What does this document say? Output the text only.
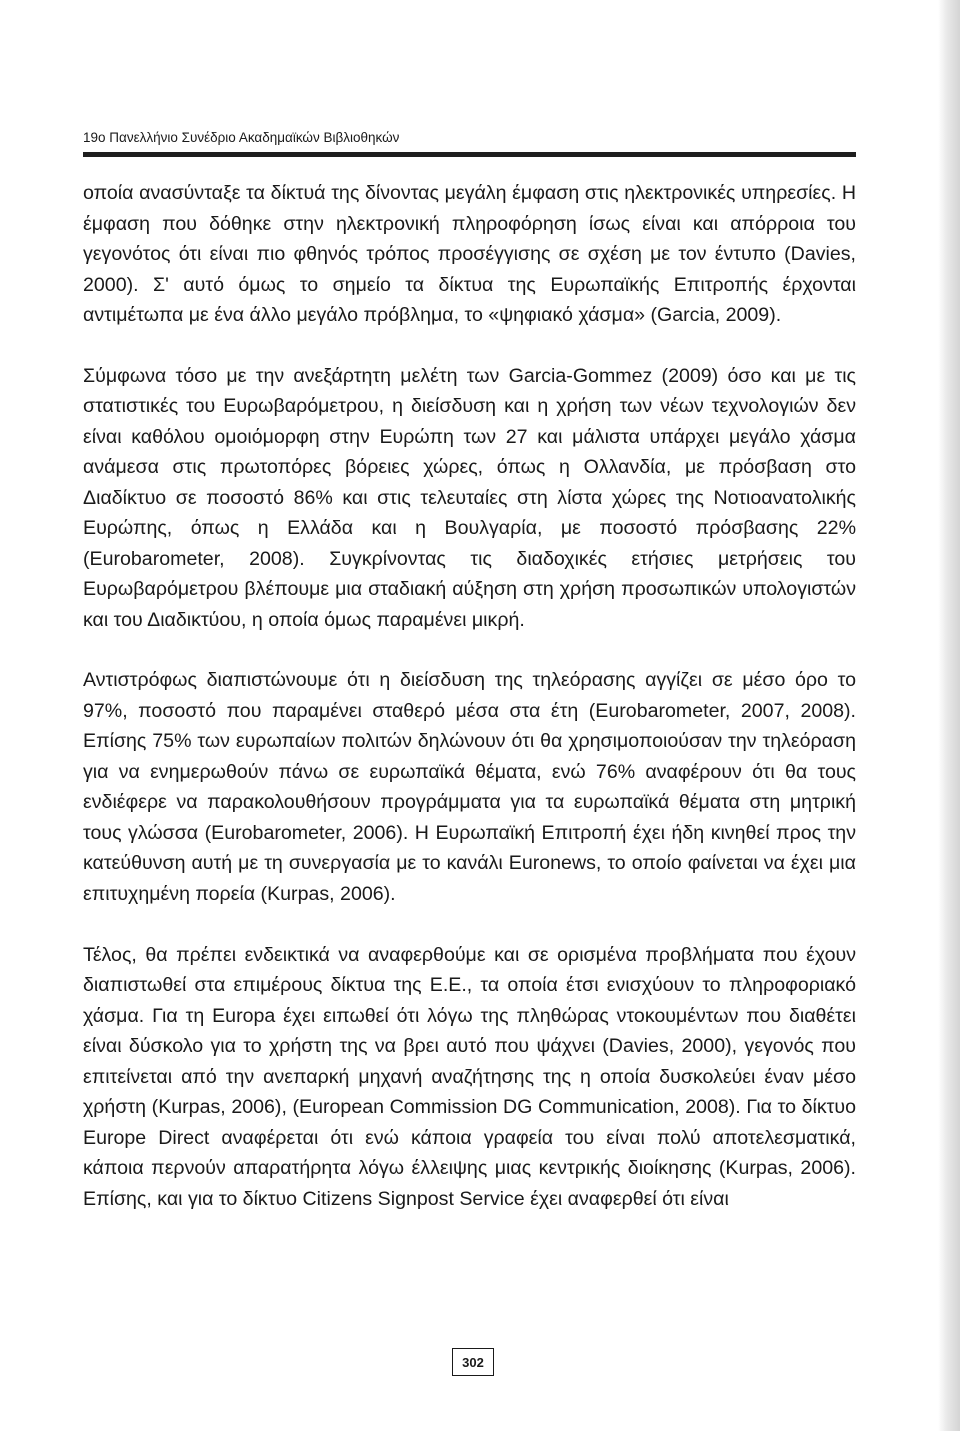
19ο Πανελλήνιο Συνέδριο Ακαδημαϊκών Βιβλιοθηκών

οποία ανασύνταξε τα δίκτυά της δίνοντας μεγάλη έμφαση στις ηλεκτρονικές υπηρεσίες. Η έμφαση που δόθηκε στην ηλεκτρονική πληροφόρηση ίσως είναι και απόρροια του γεγονότος ότι είναι πιο φθηνός τρόπος προσέγγισης σε σχέση με τον έντυπο (Davies, 2000). Σ' αυτό όμως το σημείο τα δίκτυα της Ευρωπαϊκής Επιτροπής έρχονται αντιμέτωπα με ένα άλλο μεγάλο πρόβλημα, το «ψηφιακό χάσμα» (Garcia, 2009).

Σύμφωνα τόσο με την ανεξάρτητη μελέτη των Garcia-Gommez (2009) όσο και με τις στατιστικές του Ευρωβαρόμετρου, η διείσδυση και η χρήση των νέων τεχνολογιών δεν είναι καθόλου ομοιόμορφη στην Ευρώπη των 27 και μάλιστα υπάρχει μεγάλο χάσμα ανάμεσα στις πρωτοπόρες βόρειες χώρες, όπως η Ολλανδία, με πρόσβαση στο Διαδίκτυο σε ποσοστό 86% και στις τελευταίες στη λίστα χώρες της Νοτιοανατολικής Ευρώπης, όπως η Ελλάδα και η Βουλγαρία, με ποσοστό πρόσβασης 22% (Eurobarometer, 2008). Συγκρίνοντας τις διαδοχικές ετήσιες μετρήσεις του Ευρωβαρόμετρου βλέπουμε μια σταδιακή αύξηση στη χρήση προσωπικών υπολογιστών και του Διαδικτύου, η οποία όμως παραμένει μικρή.

Αντιστρόφως διαπιστώνουμε ότι η διείσδυση της τηλεόρασης αγγίζει σε μέσο όρο το 97%, ποσοστό που παραμένει σταθερό μέσα στα έτη (Eurobarometer, 2007, 2008). Επίσης 75% των ευρωπαίων πολιτών δηλώνουν ότι θα χρησιμοποιούσαν την τηλεόραση για να ενημερωθούν πάνω σε ευρωπαϊκά θέματα, ενώ 76% αναφέρουν ότι θα τους ενδιέφερε να παρακολουθήσουν προγράμματα για τα ευρωπαϊκά θέματα στη μητρική τους γλώσσα (Eurobarometer, 2006). Η Ευρωπαϊκή Επιτροπή έχει ήδη κινηθεί προς την κατεύθυνση αυτή με τη συνεργασία με το κανάλι Euronews, το οποίο φαίνεται να έχει μια επιτυχημένη πορεία (Kurpas, 2006).

Τέλος, θα πρέπει ενδεικτικά να αναφερθούμε και σε ορισμένα προβλήματα που έχουν διαπιστωθεί στα επιμέρους δίκτυα της Ε.Ε., τα οποία έτσι ενισχύουν το πληροφοριακό χάσμα. Για τη Europa έχει ειπωθεί ότι λόγω της πληθώρας ντοκουμέντων που διαθέτει είναι δύσκολο για το χρήστη της να βρει αυτό που ψάχνει (Davies, 2000), γεγονός που επιτείνεται από την ανεπαρκή μηχανή αναζήτησης της η οποία δυσκολεύει έναν μέσο χρήστη (Kurpas, 2006), (European Commission DG Communication, 2008). Για το δίκτυο Europe Direct αναφέρεται ότι ενώ κάποια γραφεία του είναι πολύ αποτελεσματικά, κάποια περνούν απαρατήρητα λόγω έλλειψης μιας κεντρικής διοίκησης (Kurpas, 2006). Επίσης, και για το δίκτυο Citizens Signpost Service έχει αναφερθεί ότι είναι

302
